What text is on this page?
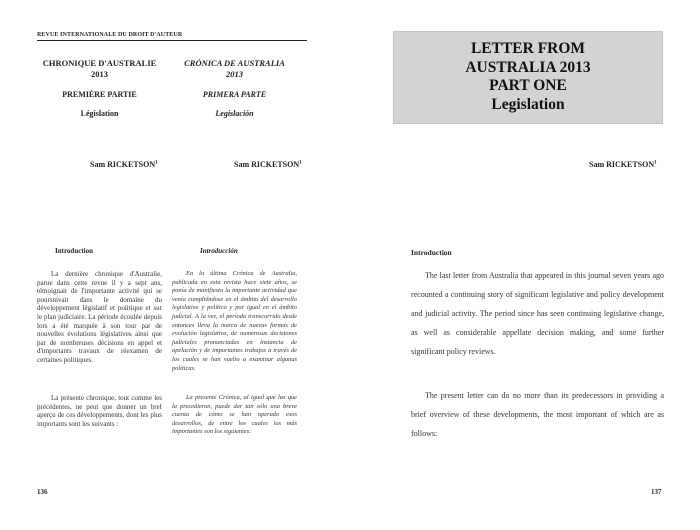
REVUE INTERNATIONALE DU DROIT D'AUTEUR
CHRONIQUE D'AUSTRALIE
2013
CRÓNICA DE AUSTRALIA
2013
PREMIÈRE PARTIE	PRIMERA PARTE
Législation	Legislación
Sam RICKETSON$^1$	Sam RICKETSON$^1$
Introduction	Introducción
La dernière chronique d'Australie, parue dans cette revue il y a sept ans, témoignait de l'importante activité qui se poursuivait dans le domaine du développement législatif et politique et sur le plan judiciaire. La période écoulée depuis lors a été marquée à son tour par de nouvelles évolutions législatives ainsi que par de nombreuses décisions en appel et d'importants travaux de réexamen de certaines politiques.
En la última Crónica de Australia, publicada en esta revista hace siete años, se ponía de manifiesto la importante actividad que venía cumpliéndose en el ámbito del desarrollo legislativo y político y por igual en el ámbito judicial. A la vez, el período transcurrido desde entonces lleva la marca de nuevas formas de evolución legislativa, de numerosas decisiones judiciales pronunciadas en instancia de apelación y de importantes trabajos a través de los cuales se han vuelto a examinar algunas políticas.
La présente chronique, tout comme les précédentes, ne peut que donner un bref aperçu de ces développements, dont les plus importants sont les suivants :
La presente Crónica, al igual que las que la precedieron, puede dar tan sólo una breve cuenta de cómo se han operado esos desarrollos, de entre los cuales los más importantes son los siguientes:
136
LETTER FROM
AUSTRALIA 2013
PART ONE
Legislation
Sam RICKETSON$^1$
Introduction
The last letter from Australia that appeared in this journal seven years ago recounted a continuing story of significant legislative and policy development and judicial activity. The period since has seen continuing legislative change, as well as considerable appellate decision making, and some further significant policy reviews.
The present letter can do no more than its predecessors in providing a brief overview of these developments, the most important of which are as follows:
137
